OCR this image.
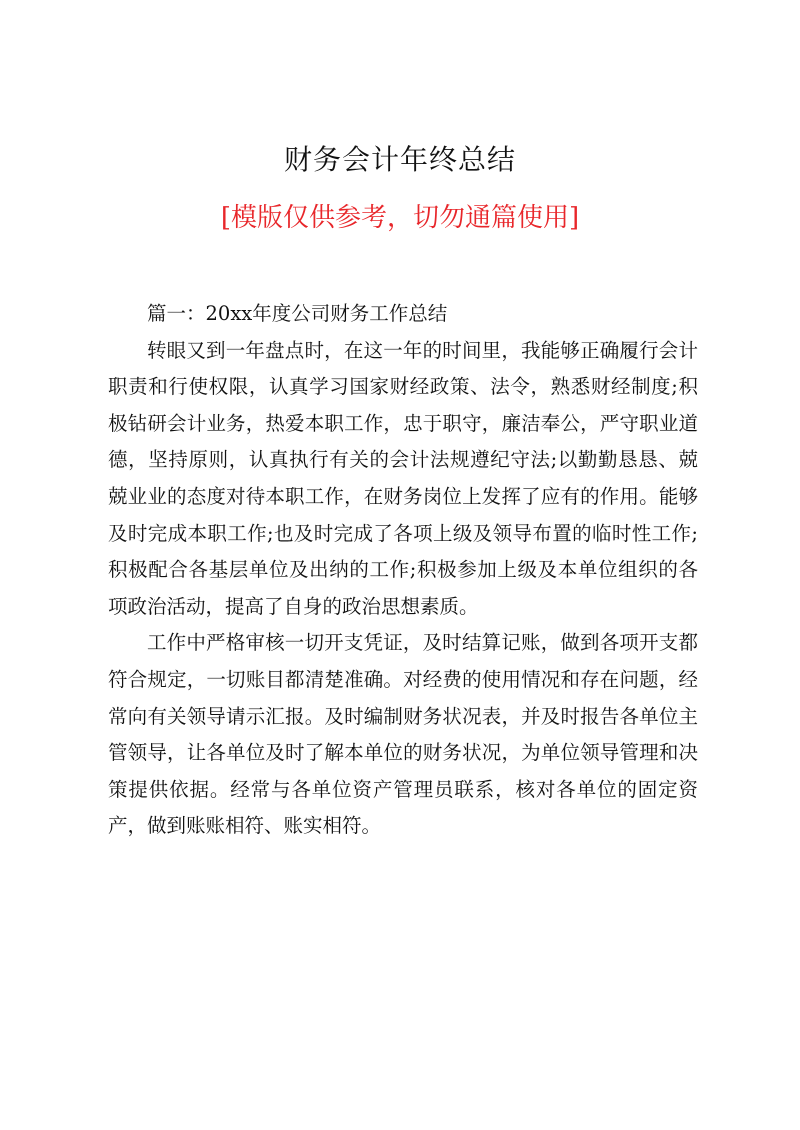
财务会计年终总结
[模版仅供参考，切勿通篇使用]

篇一：20xx年度公司财务工作总结

转眼又到一年盘点时，在这一年的时间里，我能够正确履行会计职责和行使权限，认真学习国家财经政策、法令，熟悉财经制度;积极钻研会计业务，热爱本职工作，忠于职守，廉洁奉公，严守职业道德，坚持原则，认真执行有关的会计法规遵纪守法;以勤勤恳恳、兢兢业业的态度对待本职工作，在财务岗位上发挥了应有的作用。能够及时完成本职工作;也及时完成了各项上级及领导布置的临时性工作;积极配合各基层单位及出纳的工作;积极参加上级及本单位组织的各项政治活动，提高了自身的政治思想素质。

工作中严格审核一切开支凭证，及时结算记账，做到各项开支都符合规定，一切账目都清楚准确。对经费的使用情况和存在问题，经常向有关领导请示汇报。及时编制财务状况表，并及时报告各单位主管领导，让各单位及时了解本单位的财务状况，为单位领导管理和决策提供依据。经常与各单位资产管理员联系，核对各单位的固定资产，做到账账相符、账实相符。
